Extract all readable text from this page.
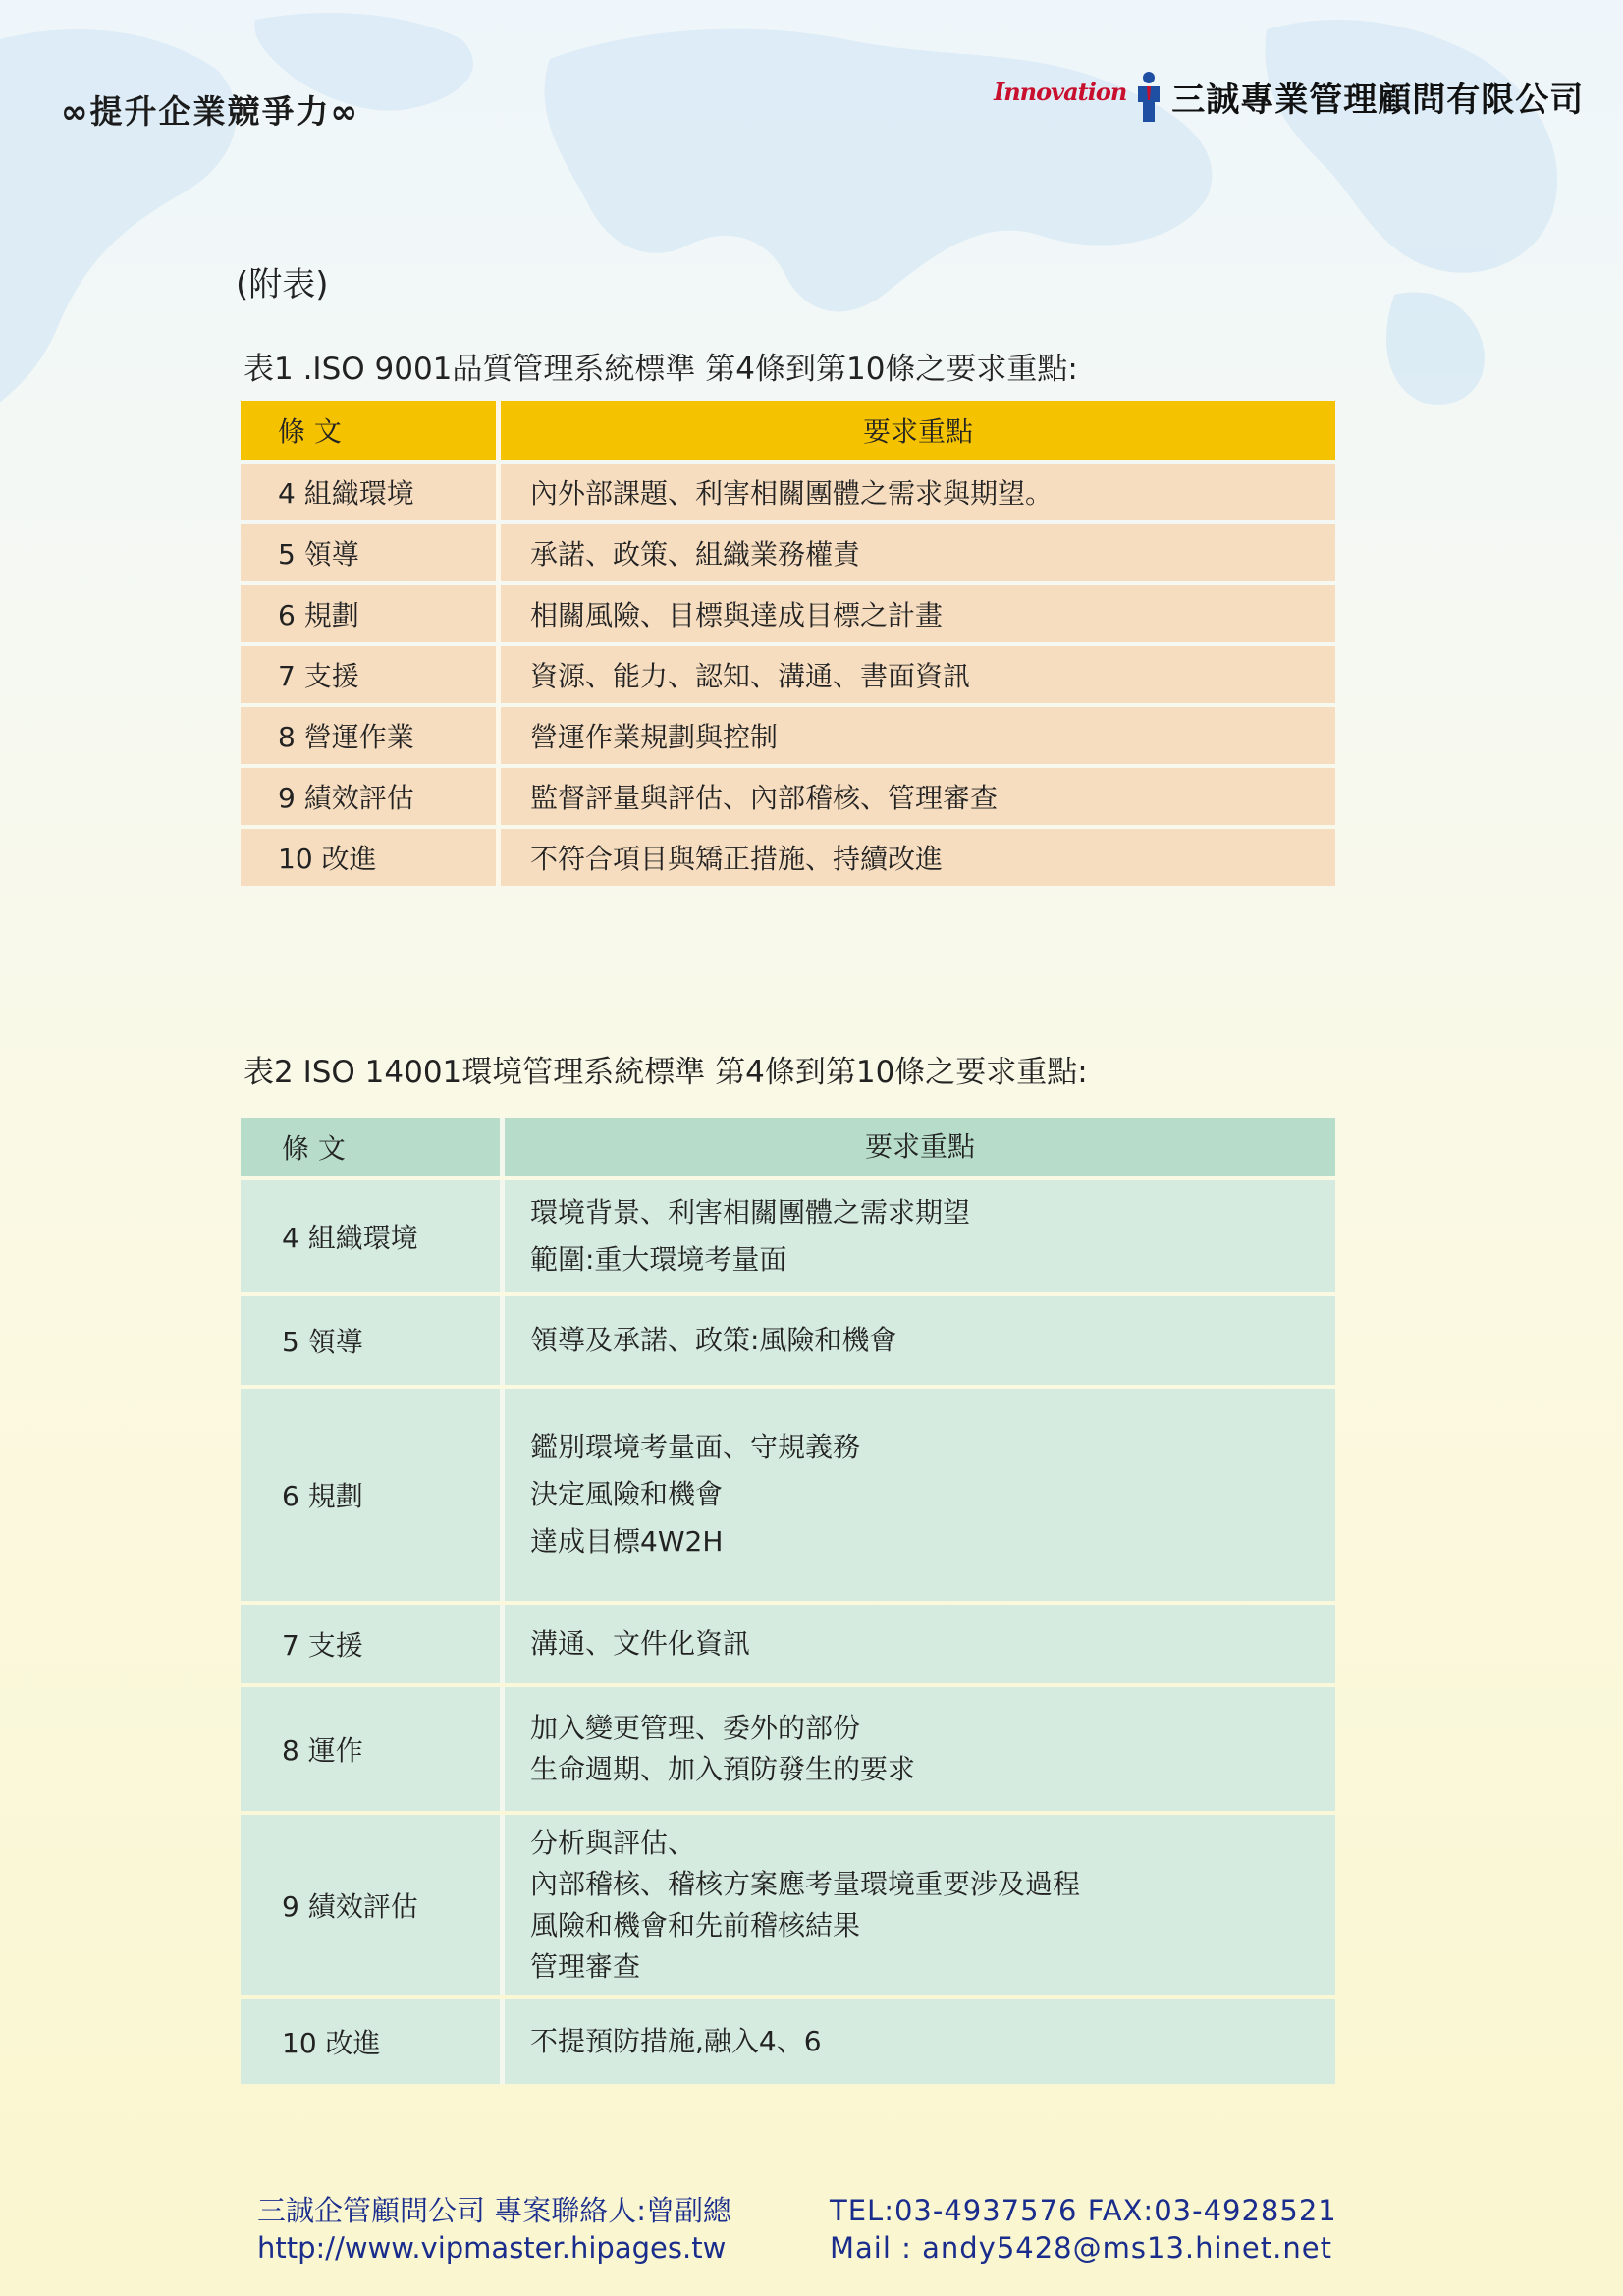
∞提升企業競爭力∞
Innovation 三誠專業管理顧問有限公司
(附表)
表1 .ISO 9001品質管理系統標準 第4條到第10條之要求重點:
條 文	要求重點
4 組織環境	內外部課題、利害相關團體之需求與期望。
5 領導	承諾、政策、組織業務權責
6 規劃	相關風險、目標與達成目標之計畫
7 支援	資源、能力、認知、溝通、書面資訊
8 營運作業	營運作業規劃與控制
9 績效評估	監督評量與評估、內部稽核、管理審查
10 改進	不符合項目與矯正措施、持續改進
表2 ISO 14001環境管理系統標準 第4條到第10條之要求重點:
條 文	要求重點
4 組織環境	環境背景、利害相關團體之需求期望
範圍:重大環境考量面

5 領導	領導及承諾、政策:風險和機會

6 規劃	鑑別環境考量面、守規義務
決定風險和機會
達成目標4W2H

7 支援	溝通、文件化資訊

8 運作	加入變更管理、委外的部份
生命週期、加入預防發生的要求

9 績效評估	分析與評估、
內部稽核、稽核方案應考量環境重要涉及過程
風險和機會和先前稽核結果
管理審查

10 改進	不提預防措施,融入4、6
三誠企管顧問公司 專案聯絡人:曾副總
http://www.vipmaster.hipages.tw
TEL:03-4937576 FAX:03-4928521
Mail : andy5428@ms13.hinet.net
